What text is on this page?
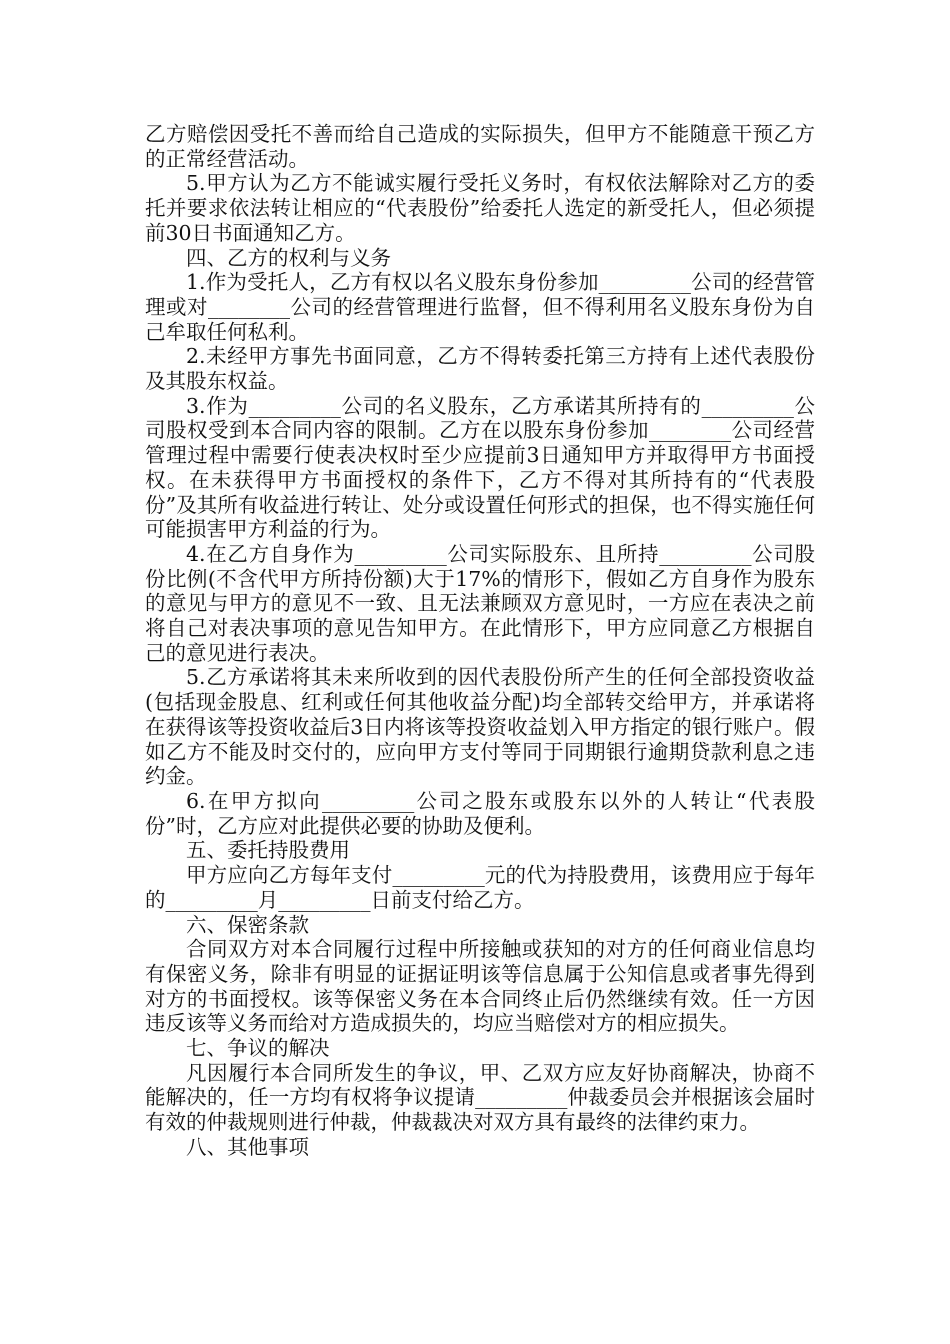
乙方赔偿因受托不善而给自己造成的实际损失，但甲方不能随意干预乙方的正常经营活动。

5.甲方认为乙方不能诚实履行受托义务时，有权依法解除对乙方的委托并要求依法转让相应的“代表股份”给委托人选定的新受托人，但必须提前30日书面通知乙方。

四、乙方的权利与义务

1.作为受托人，乙方有权以名义股东身份参加_________公司的经营管理或对________公司的经营管理进行监督，但不得利用名义股东身份为自己牟取任何私利。

2.未经甲方事先书面同意，乙方不得转委托第三方持有上述代表股份及其股东权益。

3.作为_________公司的名义股东，乙方承诺其所持有的_________公司股权受到本合同内容的限制。乙方在以股东身份参加________公司经营管理过程中需要行使表决权时至少应提前3日通知甲方并取得甲方书面授权。在未获得甲方书面授权的条件下，乙方不得对其所持有的“代表股份”及其所有收益进行转让、处分或设置任何形式的担保，也不得实施任何可能损害甲方利益的行为。

4.在乙方自身作为_________公司实际股东、且所持_________公司股份比例(不含代甲方所持份额)大于17%的情形下，假如乙方自身作为股东的意见与甲方的意见不一致、且无法兼顾双方意见时，一方应在表决之前将自己对表决事项的意见告知甲方。在此情形下，甲方应同意乙方根据自己的意见进行表决。

5.乙方承诺将其未来所收到的因代表股份所产生的任何全部投资收益(包括现金股息、红利或任何其他收益分配)均全部转交给甲方，并承诺将在获得该等投资收益后3日内将该等投资收益划入甲方指定的银行账户。假如乙方不能及时交付的，应向甲方支付等同于同期银行逾期贷款利息之违约金。

6.在甲方拟向_________公司之股东或股东以外的人转让“代表股份”时，乙方应对此提供必要的协助及便利。

五、委托持股费用

甲方应向乙方每年支付_________元的代为持股费用，该费用应于每年的_________月_________日前支付给乙方。

六、保密条款

合同双方对本合同履行过程中所接触或获知的对方的任何商业信息均有保密义务，除非有明显的证据证明该等信息属于公知信息或者事先得到对方的书面授权。该等保密义务在本合同终止后仍然继续有效。任一方因违反该等义务而给对方造成损失的，均应当赔偿对方的相应损失。

七、争议的解决

凡因履行本合同所发生的争议，甲、乙双方应友好协商解决，协商不能解决的，任一方均有权将争议提请_________仲裁委员会并根据该会届时有效的仲裁规则进行仲裁，仲裁裁决对双方具有最终的法律约束力。

八、其他事项
